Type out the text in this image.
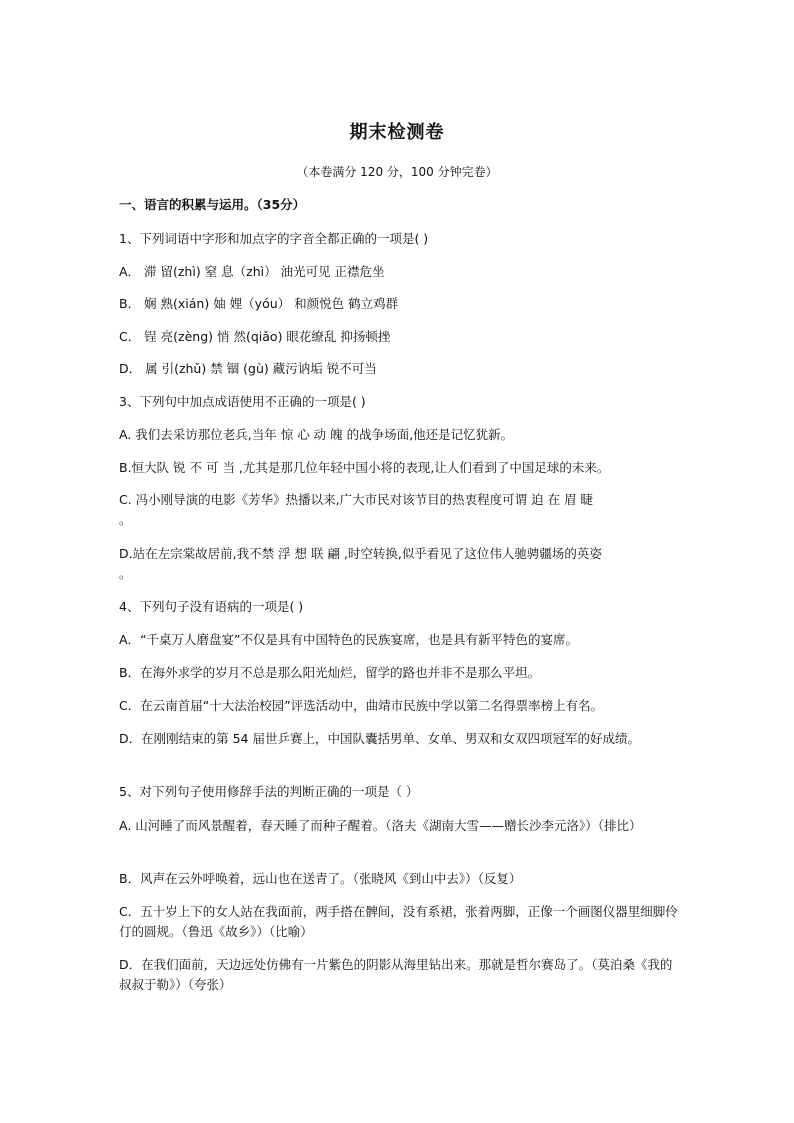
期末检测卷
（本卷满分 120 分，100 分钟完卷）
一、语言的积累与运用。（35分）
1、下列词语中字形和加点字的字音全都正确的一项是( )
A． 滞 留(zhì) 窒 息（zhì） 油光可见 正襟危坐
B． 娴 熟(xián) 妯 娌（yóu） 和颜悦色 鹤立鸡群
C． 锃 亮(zèng) 悄 然(qiǎo) 眼花缭乱 抑扬顿挫
D． 属 引(zhǔ) 禁 锢 (gù) 藏污讷垢 锐不可当
3、下列句中加点成语使用不正确的一项是( )
A. 我们去采访那位老兵,当年 惊 心 动 魄 的战争场面,他还是记忆犹新。
B.恒大队 锐 不 可 当 ,尤其是那几位年轻中国小将的表现,让人们看到了中国足球的未来。
C. 冯小刚导演的电影《芳华》热播以来,广大市民对该节目的热衷程度可谓 迫 在 眉 睫
。
D.站在左宗棠故居前,我不禁 浮 想 联 翩 ,时空转换,似乎看见了这位伟人驰骋疆场的英姿
。
4、下列句子没有语病的一项是( )
A．“千桌万人磨盘宴”不仅是具有中国特色的民族宴席，也是具有新平特色的宴席。
B．在海外求学的岁月不总是那么阳光灿烂，留学的路也并非不是那么平坦。
C．在云南首届“十大法治校园”评选活动中，曲靖市民族中学以第二名得票率榜上有名。
D．在刚刚结束的第 54 届世乒赛上，中国队囊括男单、女单、男双和女双四项冠军的好成绩。
5、对下列句子使用修辞手法的判断正确的一项是（ ）
A. 山河睡了而风景醒着，春天睡了而种子醒着。（洛夫《湖南大雪——赠长沙李元洛》）（排比）
B．风声在云外呼唤着，远山也在送青了。（张晓风《到山中去》）（反复）
C．五十岁上下的女人站在我面前，两手搭在髀间，没有系裙，张着两脚，正像一个画图仪器里细脚伶仃的圆规。（鲁迅《故乡》）（比喻）
D．在我们面前，天边远处仿佛有一片紫色的阴影从海里钻出来。那就是哲尔赛岛了。（莫泊桑《我的叔叔于勒》）（夸张）
